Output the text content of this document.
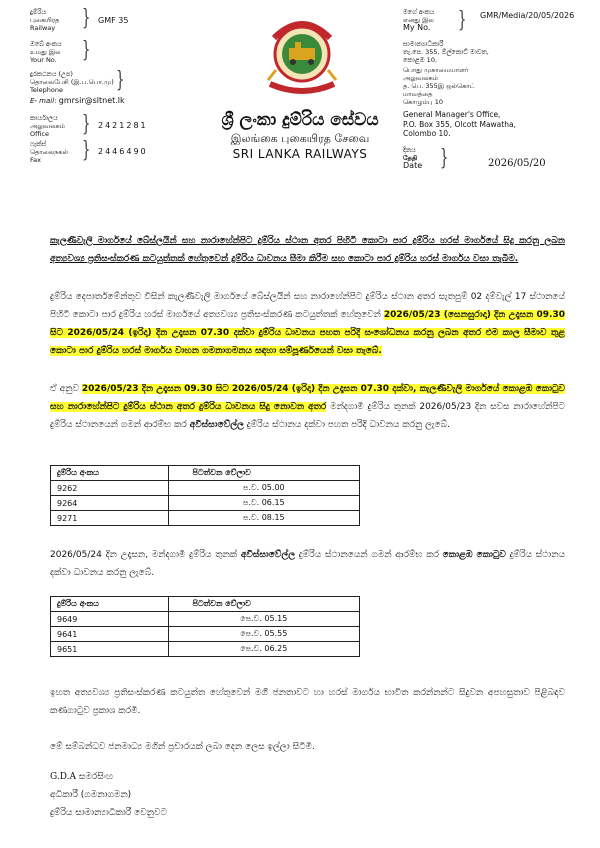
දුම්රිය
புகையிரத
Railway } GMF 35
ඔබේ අංකය
உமது இல
Your No. }
දුරකථනය (උප)
தொலைபேசி (இ.ப.பொ.மு)
Telephone	}
E- mail: gmrsir@sltnet.lk
කාර්යාලය
அலுவலகம்
Office	} 2421281
ෆැක්ස්
தொலைநகல்
Fax	} 2446490
මගේ අංකය
எனது இல
My No. } GMR/Media/20/05/2026
සාමාන්‍යාධිකාරී
තැ.පෙ. 355, ඕල්කොට් මාවත,
කොළඹ 10.
பொது முகாமையாளர்
அலுவலகம்
த. பெ. 355இ ஒல்கொட்
மாவத்தை
கொழும்பு 10
General Manager's Office,
P.O. Box 355, Olcott Mawatha,
Colombo 10.
දිනය
தேதி
Date }	2026/05/20
ශ්‍රී ලංකා දුම්රිය සේවය
இலங்கை புகையிரத சேவை
SRI LANKA RAILWAYS
කැලණිවැලි මාර්ගයේ බේස්ලයින් සහ නාරාහේන්පිට දුම්රිය ස්ථාන අතර පිහිටි කොටා පාර දුම්රිය හරස් මාර්ගයේ සිදු කරනු ලබන අත්‍යවශ්‍ය ප්‍රතිසංස්කරණ කටයුත්තක් හේතුවෙන් දුම්රිය ධාවනය සීමා කිරීම සහ කොටා පාර දුම්රිය හරස් මාර්ගය වසා තැබීම.
දුම්රිය දෙපාර්තමේන්තුව විසින් කැලණිවැලි මාර්ගයේ බේස්ලයින් සහ නාරාහේන්පිට දුම්රිය ස්ථාන අතර සැතපුම් 02 දම්වැල් 17 ස්ථානයේ පිහිටි කොටා පාර දුම්රිය හරස් මාර්ගයේ අත්‍යවශ්‍ය ප්‍රතිසංස්කරණ කටයුත්තක් හේතුවෙන් 2026/05/23 (සෙනසුරාදා) දින උදෑසන 09.30 සිට 2026/05/24 (ඉරිදා) දින උදෑසන 07.30 දක්වා දුම්රිය ධාවනය පහත පරිදි සංශෝධනය කරනු ලබන අතර එම කාල සීමාව තුළ කොටා පාර දුම්රිය හරස් මාර්ගය වාහන ගමනාගමනය සඳහා සම්පූර්ණයෙන් වසා තැබේ.
ඒ අනුව 2026/05/23 දින උදෑසන 09.30 සිට 2026/05/24 (ඉරිදා) දින උදෑසන 07.30 දක්වා, කැලණිවැලි මාර්ගයේ කොළඹ කොටුව සහ නාරාහේන්පිට දුම්රිය ස්ථාන අතර දුම්රිය ධාවනය සිදු නොවන අතර මන්දගාමී දුම්රිය තුනක් 2026/05/23 දින සවස නාරාහේන්පිට දුම්රිය ස්ථානයෙන් ගමන් ආරම්භ කර අවිස්සාවේල්ල දුම්රිය ස්ථානය දක්වා පහත පරිදි ධාවනය කරනු ලැබේ.
දුම්රිය අංකය	පිටත්වන වේලාව
9262	ප.ව. 05.00
9264	ප.ව. 06.15
9271	ප.ව. 08.15
2026/05/24 දින උදෑසන, මන්දගාමී දුම්රිය තුනක් අවිස්සාවේල්ල දුම්රිය ස්ථානයෙන් ගමන් ආරම්භ කර කොළඹ කොටුව දුම්රිය ස්ථානය දක්වා ධාවනය කරනු ලැබේ.
දුම්රිය අංකය	පිටත්වන වේලාව
9649	පෙ.ව. 05.15
9641	පෙ.ව. 05.55
9651	පෙ.ව. 06.25
ඉහත අත්‍යවශ්‍ය ප්‍රතිසංස්කරණ කටයුත්ත හේතුවෙන් මගී ජනතාවට හා හරස් මාර්ගය භාවිත කරන්නන්ට සිදුවන අපහසුතාව පිළිබඳව කණගාටුව ප්‍රකාශ කරමි.
මේ සම්බන්ධව ජනමාධ්‍ය මගින් ප්‍රචාරයක් ලබා දෙන ලෙස ඉල්ලා සිටිමි.
G.D.A සමරසිංහ
අධිකාරී (ගමනාගමන)
දුම්රිය සාමාන්‍යාධිකාරී වෙනුවට
